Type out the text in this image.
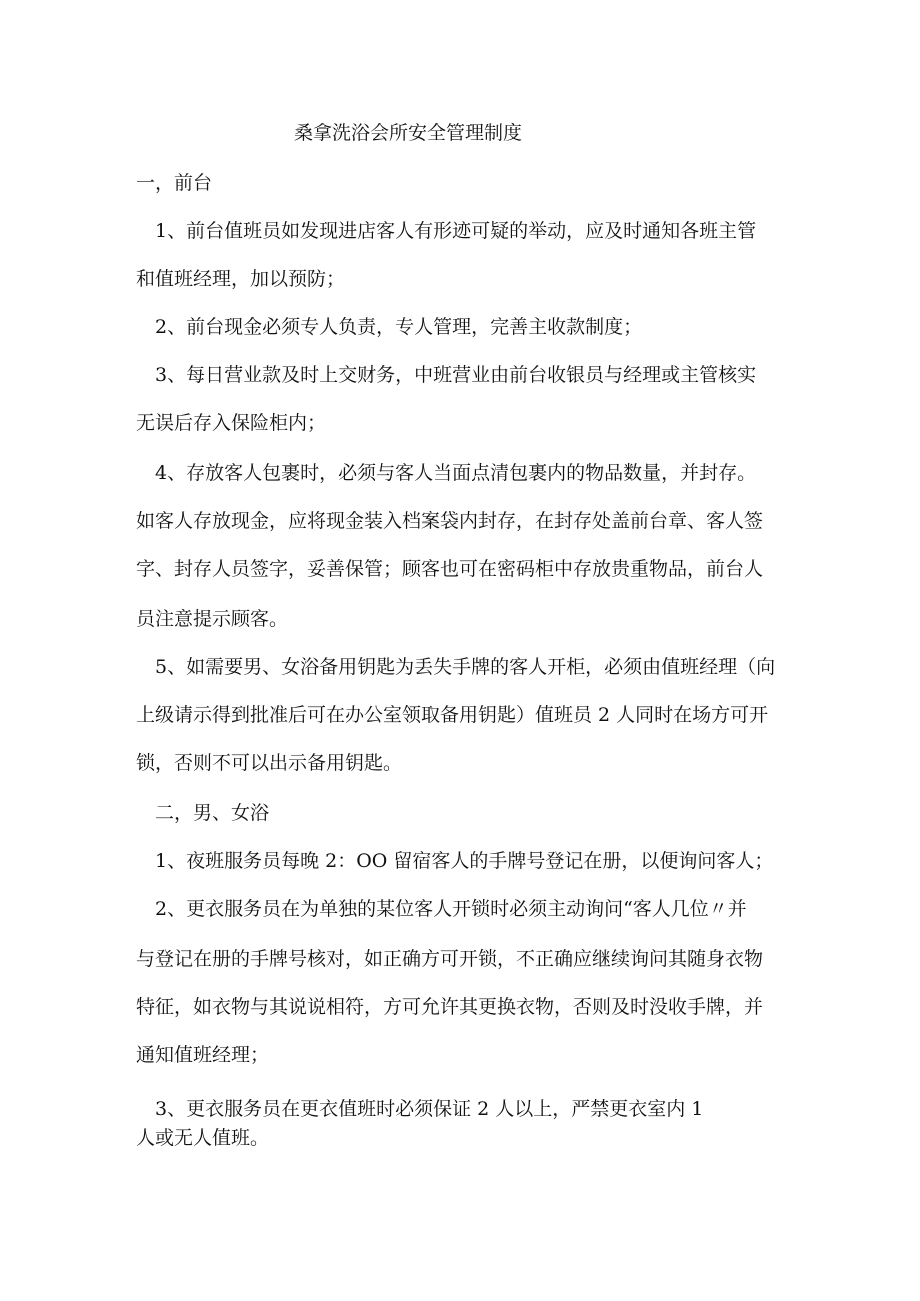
桑拿洗浴会所安全管理制度
一，前台
1、前台值班员如发现进店客人有形迹可疑的举动，应及时通知各班主管
和值班经理，加以预防；
2、前台现金必须专人负责，专人管理，完善主收款制度；
3、每日营业款及时上交财务，中班营业由前台收银员与经理或主管核实
无误后存入保险柜内；
4、存放客人包裹时，必须与客人当面点清包裹内的物品数量，并封存。
如客人存放现金，应将现金装入档案袋内封存，在封存处盖前台章、客人签
字、封存人员签字，妥善保管；顾客也可在密码柜中存放贵重物品，前台人
员注意提示顾客。
5、如需要男、女浴备用钥匙为丢失手牌的客人开柜，必须由值班经理（向
上级请示得到批准后可在办公室领取备用钥匙）值班员 2 人同时在场方可开
锁，否则不可以出示备用钥匙。
二，男、女浴
1、夜班服务员每晚 2：OO 留宿客人的手牌号登记在册，以便询问客人；
2、更衣服务员在为单独的某位客人开锁时必须主动询问“客人几位〃并
与登记在册的手牌号核对，如正确方可开锁，不正确应继续询问其随身衣物
特征，如衣物与其说说相符，方可允许其更换衣物，否则及时没收手牌，并
通知值班经理；
3、更衣服务员在更衣值班时必须保证 2 人以上，严禁更衣室内 1
人或无人值班。
